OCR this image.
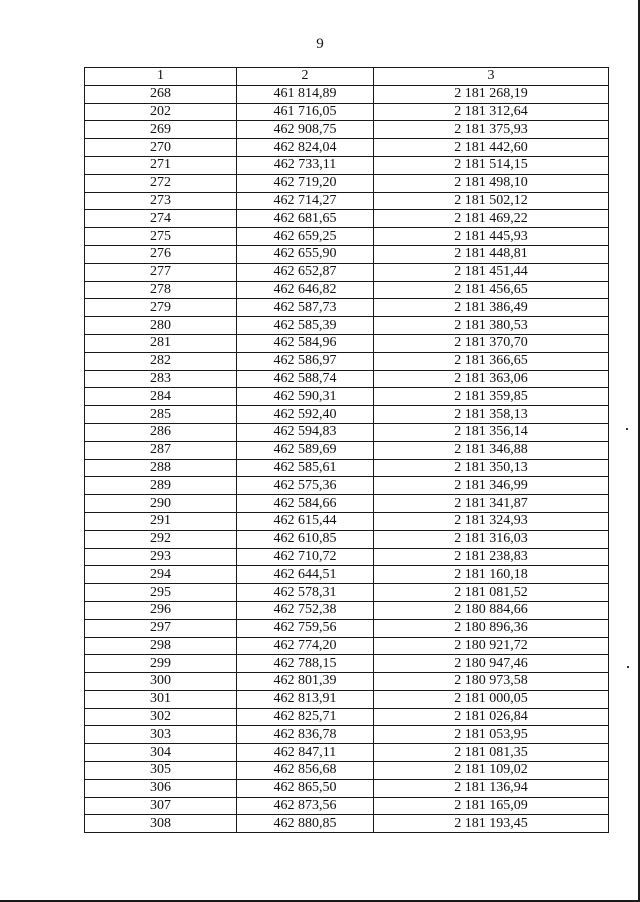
9
1	2	3
268	461 814,89	2 181 268,19
202	461 716,05	2 181 312,64
269	462 908,75	2 181 375,93
270	462 824,04	2 181 442,60
271	462 733,11	2 181 514,15
272	462 719,20	2 181 498,10
273	462 714,27	2 181 502,12
274	462 681,65	2 181 469,22
275	462 659,25	2 181 445,93
276	462 655,90	2 181 448,81
277	462 652,87	2 181 451,44
278	462 646,82	2 181 456,65
279	462 587,73	2 181 386,49
280	462 585,39	2 181 380,53
281	462 584,96	2 181 370,70
282	462 586,97	2 181 366,65
283	462 588,74	2 181 363,06
284	462 590,31	2 181 359,85
285	462 592,40	2 181 358,13
286	462 594,83	2 181 356,14
287	462 589,69	2 181 346,88
288	462 585,61	2 181 350,13
289	462 575,36	2 181 346,99
290	462 584,66	2 181 341,87
291	462 615,44	2 181 324,93
292	462 610,85	2 181 316,03
293	462 710,72	2 181 238,83
294	462 644,51	2 181 160,18
295	462 578,31	2 181 081,52
296	462 752,38	2 180 884,66
297	462 759,56	2 180 896,36
298	462 774,20	2 180 921,72
299	462 788,15	2 180 947,46
300	462 801,39	2 180 973,58
301	462 813,91	2 181 000,05
302	462 825,71	2 181 026,84
303	462 836,78	2 181 053,95
304	462 847,11	2 181 081,35
305	462 856,68	2 181 109,02
306	462 865,50	2 181 136,94
307	462 873,56	2 181 165,09
308	462 880,85	2 181 193,45
